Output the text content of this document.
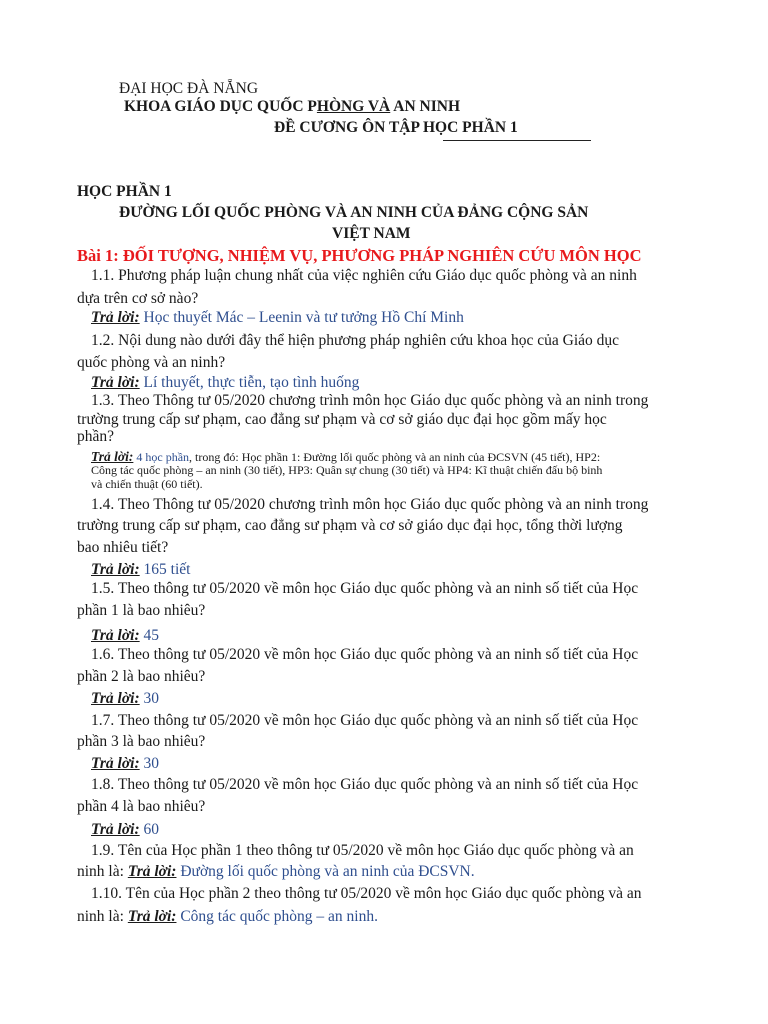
ĐẠI HỌC ĐÀ NẴNG
KHOA GIÁO DỤC QUỐC PHÒNG VÀ AN NINH
ĐỀ CƯƠNG ÔN TẬP HỌC PHẦN 1
HỌC PHẦN 1
ĐƯỜNG LỐI QUỐC PHÒNG VÀ AN NINH CỦA ĐẢNG CỘNG SẢN
VIỆT NAM
Bài 1: ĐỐI TƯỢNG, NHIỆM VỤ, PHƯƠNG PHÁP NGHIÊN CỨU MÔN HỌC
1.1. Phương pháp luận chung nhất của việc nghiên cứu Giáo dục quốc phòng và an ninh
dựa trên cơ sở nào?
Trả lời: Học thuyết Mác – Leenin và tư tưởng Hồ Chí Minh
1.2. Nội dung nào dưới đây thể hiện phương pháp nghiên cứu khoa học của Giáo dục
quốc phòng và an ninh?
Trả lời: Lí thuyết, thực tiễn, tạo tình huống
1.3. Theo Thông tư 05/2020 chương trình môn học Giáo dục quốc phòng và an ninh trong
trường trung cấp sư phạm, cao đẳng sư phạm và cơ sở giáo dục đại học gồm mấy học
phần?
Trả lời: 4 học phần, trong đó: Học phần 1: Đường lối quốc phòng và an ninh của ĐCSVN (45 tiết), HP2:
Công tác quốc phòng – an ninh (30 tiết), HP3: Quân sự chung (30 tiết) và HP4: Kĩ thuật chiến đấu bộ binh
và chiến thuật (60 tiết).
1.4. Theo Thông tư 05/2020 chương trình môn học Giáo dục quốc phòng và an ninh trong
trường trung cấp sư phạm, cao đẳng sư phạm và cơ sở giáo dục đại học, tổng thời lượng
bao nhiêu tiết?
Trả lời: 165 tiết
1.5. Theo thông tư 05/2020 về môn học Giáo dục quốc phòng và an ninh số tiết của Học
phần 1 là bao nhiêu?
Trả lời: 45
1.6. Theo thông tư 05/2020 về môn học Giáo dục quốc phòng và an ninh số tiết của Học
phần 2 là bao nhiêu?
Trả lời: 30
1.7. Theo thông tư 05/2020 về môn học Giáo dục quốc phòng và an ninh số tiết của Học
phần 3 là bao nhiêu?
Trả lời: 30
1.8. Theo thông tư 05/2020 về môn học Giáo dục quốc phòng và an ninh số tiết của Học
phần 4 là bao nhiêu?
Trả lời: 60
1.9. Tên của Học phần 1 theo thông tư 05/2020 về môn học Giáo dục quốc phòng và an
ninh là: Trả lời: Đường lối quốc phòng và an ninh của ĐCSVN.
1.10. Tên của Học phần 2 theo thông tư 05/2020 về môn học Giáo dục quốc phòng và an
ninh là: Trả lời: Công tác quốc phòng – an ninh.
